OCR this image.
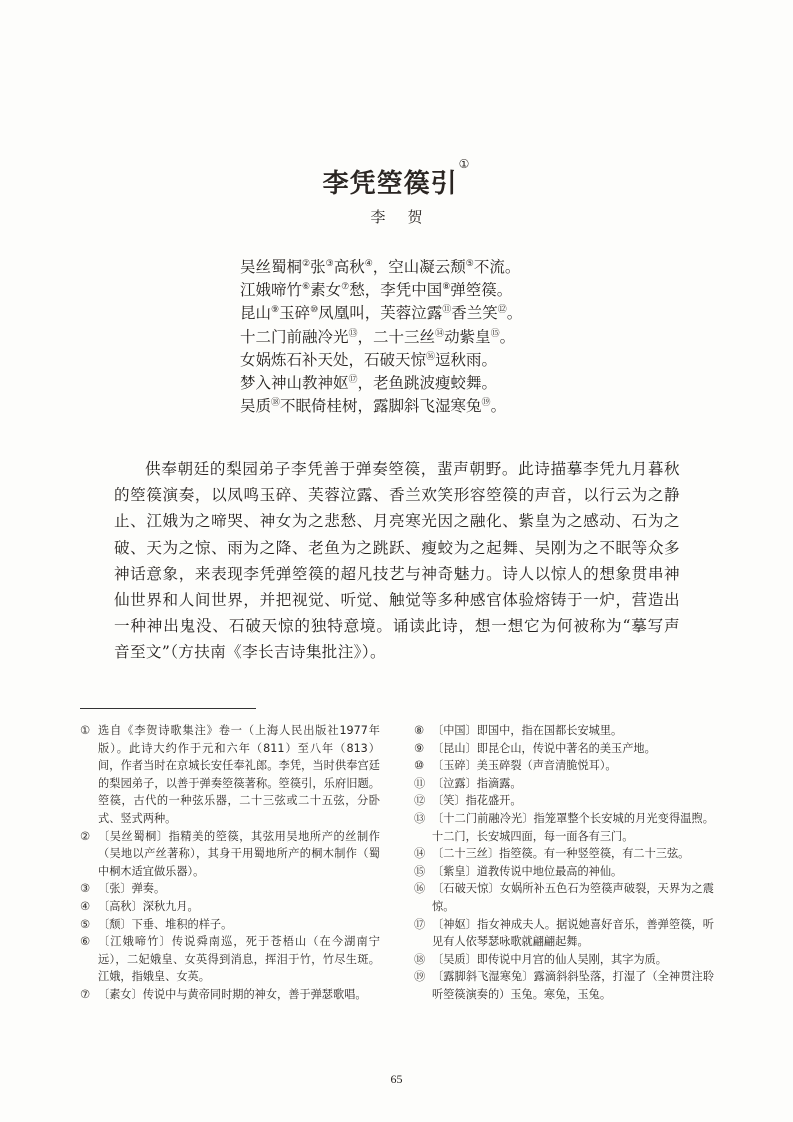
李凭箜篌引①
李贺
吴丝蜀桐②张③高秋④，空山凝云颓⑤不流。
江娥啼竹⑥素女⑦愁，李凭中国⑧弹箜篌。
昆山⑨玉碎⑩凤凰叫，芙蓉泣露⑪香兰笑⑫。
十二门前融冷光⑬，二十三丝⑭动紫皇⑮。
女娲炼石补天处，石破天惊⑯逗秋雨。
梦入神山教神妪⑰，老鱼跳波瘦蛟舞。
吴质⑱不眠倚桂树，露脚斜飞湿寒兔⑲。

供奉朝廷的梨园弟子李凭善于弹奏箜篌，蜚声朝野。此诗描摹李凭九月暮秋的箜篌演奏，以凤鸣玉碎、芙蓉泣露、香兰欢笑形容箜篌的声音，以行云为之静止、江娥为之啼哭、神女为之悲愁、月亮寒光因之融化、紫皇为之感动、石为之破、天为之惊、雨为之降、老鱼为之跳跃、瘦蛟为之起舞、吴刚为之不眠等众多神话意象，来表现李凭弹箜篌的超凡技艺与神奇魅力。诗人以惊人的想象贯串神仙世界和人间世界，并把视觉、听觉、触觉等多种感官体验熔铸于一炉，营造出一种神出鬼没、石破天惊的独特意境。诵读此诗，想一想它为何被称为“摹写声音至文”（方扶南《李长吉诗集批注》）。

① 选自《李贺诗歌集注》卷一（上海人民出版社1977年版）。此诗大约作于元和六年（811）至八年（813）间，作者当时在京城长安任奉礼郎。李凭，当时供奉宫廷的梨园弟子，以善于弹奏箜篌著称。箜篌引，乐府旧题。箜篌，古代的一种弦乐器，二十三弦或二十五弦，分卧式、竖式两种。
② 〔吴丝蜀桐〕指精美的箜篌，其弦用吴地所产的丝制作（吴地以产丝著称），其身干用蜀地所产的桐木制作（蜀中桐木适宜做乐器）。
③ 〔张〕弹奏。
④ 〔高秋〕深秋九月。
⑤ 〔颓〕下垂、堆积的样子。
⑥ 〔江娥啼竹〕传说舜南巡，死于苍梧山（在今湖南宁远），二妃娥皇、女英得到消息，挥泪于竹，竹尽生斑。江娥，指娥皇、女英。
⑦ 〔素女〕传说中与黄帝同时期的神女，善于弹瑟歌唱。
⑧ 〔中国〕即国中，指在国都长安城里。
⑨ 〔昆山〕即昆仑山，传说中著名的美玉产地。
⑩ 〔玉碎〕美玉碎裂（声音清脆悦耳）。
⑪ 〔泣露〕指滴露。
⑫ 〔笑〕指花盛开。
⑬ 〔十二门前融冷光〕指笼罩整个长安城的月光变得温煦。十二门，长安城四面，每一面各有三门。
⑭ 〔二十三丝〕指箜篌。有一种竖箜篌，有二十三弦。
⑮ 〔紫皇〕道教传说中地位最高的神仙。
⑯ 〔石破天惊〕女娲所补五色石为箜篌声破裂，天界为之震惊。
⑰ 〔神妪〕指女神成夫人。据说她喜好音乐，善弹箜篌，听见有人依琴瑟咏歌就翩翩起舞。
⑱ 〔吴质〕即传说中月宫的仙人吴刚，其字为质。
⑲ 〔露脚斜飞湿寒兔〕露滴斜斜坠落，打湿了（全神贯注聆听箜篌演奏的）玉兔。寒兔，玉兔。
65
